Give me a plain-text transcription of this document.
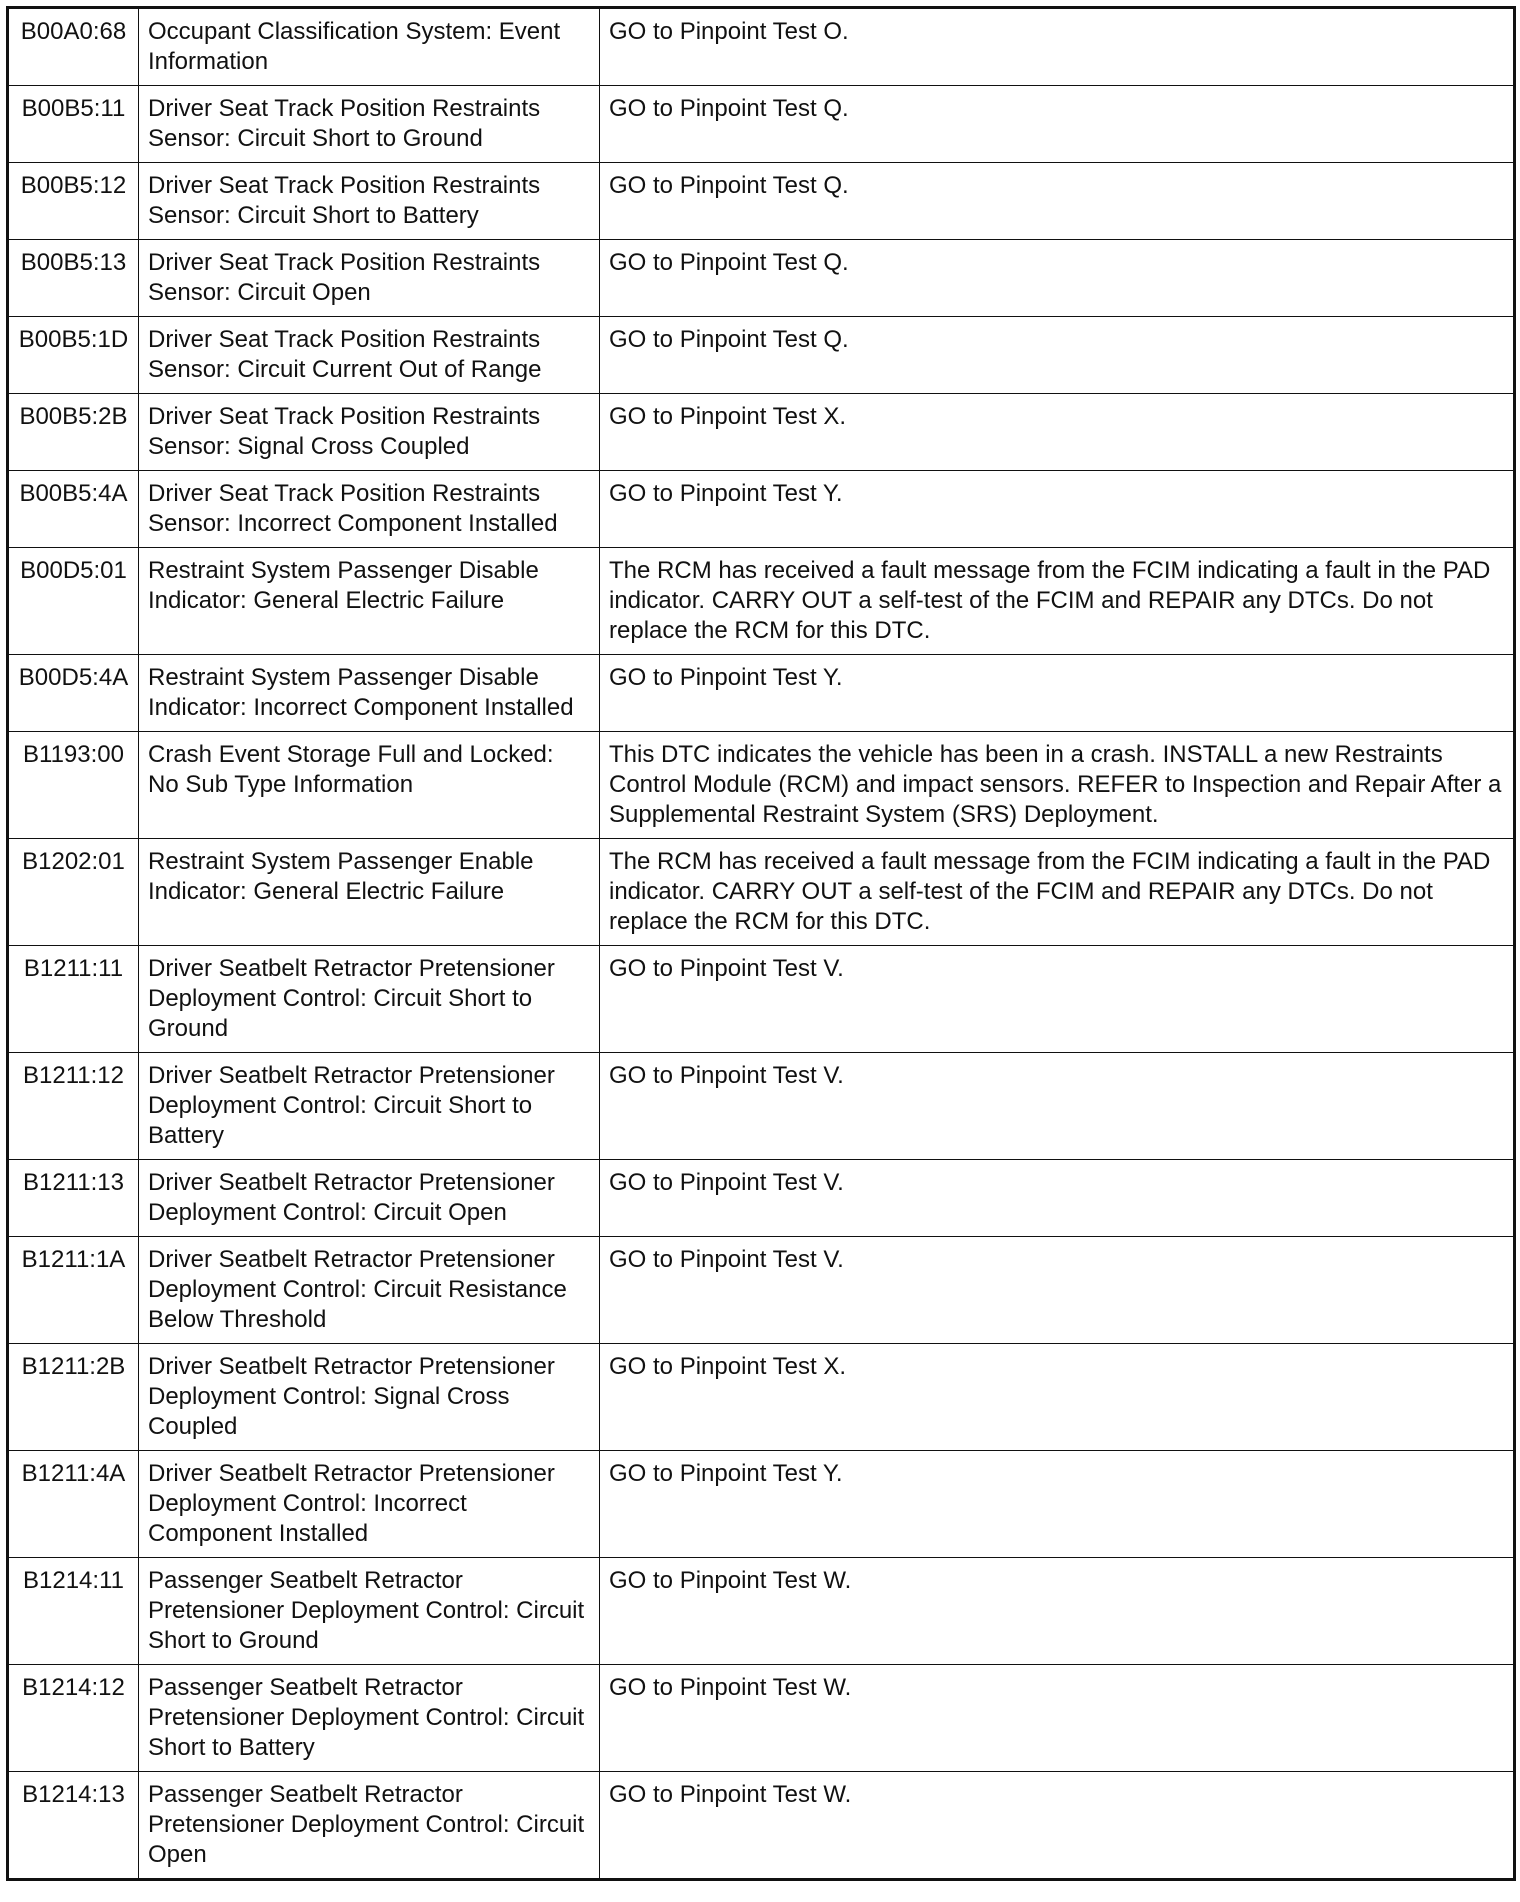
B00A0:68	Occupant Classification System: Event Information	GO to Pinpoint Test O.
B00B5:11	Driver Seat Track Position Restraints Sensor: Circuit Short to Ground	GO to Pinpoint Test Q.
B00B5:12	Driver Seat Track Position Restraints Sensor: Circuit Short to Battery	GO to Pinpoint Test Q.
B00B5:13	Driver Seat Track Position Restraints Sensor: Circuit Open	GO to Pinpoint Test Q.
B00B5:1D	Driver Seat Track Position Restraints Sensor: Circuit Current Out of Range	GO to Pinpoint Test Q.
B00B5:2B	Driver Seat Track Position Restraints Sensor: Signal Cross Coupled	GO to Pinpoint Test X.
B00B5:4A	Driver Seat Track Position Restraints Sensor: Incorrect Component Installed	GO to Pinpoint Test Y.
B00D5:01	Restraint System Passenger Disable Indicator: General Electric Failure	The RCM has received a fault message from the FCIM indicating a fault in the PAD indicator. CARRY OUT a self-test of the FCIM and REPAIR any DTCs. Do not replace the RCM for this DTC.
B00D5:4A	Restraint System Passenger Disable Indicator: Incorrect Component Installed	GO to Pinpoint Test Y.
B1193:00	Crash Event Storage Full and Locked: No Sub Type Information	This DTC indicates the vehicle has been in a crash. INSTALL a new Restraints Control Module (RCM) and impact sensors. REFER to Inspection and Repair After a Supplemental Restraint System (SRS) Deployment.
B1202:01	Restraint System Passenger Enable Indicator: General Electric Failure	The RCM has received a fault message from the FCIM indicating a fault in the PAD indicator. CARRY OUT a self-test of the FCIM and REPAIR any DTCs. Do not replace the RCM for this DTC.
B1211:11	Driver Seatbelt Retractor Pretensioner Deployment Control: Circuit Short to Ground	GO to Pinpoint Test V.
B1211:12	Driver Seatbelt Retractor Pretensioner Deployment Control: Circuit Short to Battery	GO to Pinpoint Test V.
B1211:13	Driver Seatbelt Retractor Pretensioner Deployment Control: Circuit Open	GO to Pinpoint Test V.
B1211:1A	Driver Seatbelt Retractor Pretensioner Deployment Control: Circuit Resistance Below Threshold	GO to Pinpoint Test V.
B1211:2B	Driver Seatbelt Retractor Pretensioner Deployment Control: Signal Cross Coupled	GO to Pinpoint Test X.
B1211:4A	Driver Seatbelt Retractor Pretensioner Deployment Control: Incorrect Component Installed	GO to Pinpoint Test Y.
B1214:11	Passenger Seatbelt Retractor Pretensioner Deployment Control: Circuit Short to Ground	GO to Pinpoint Test W.
B1214:12	Passenger Seatbelt Retractor Pretensioner Deployment Control: Circuit Short to Battery	GO to Pinpoint Test W.
B1214:13	Passenger Seatbelt Retractor Pretensioner Deployment Control: Circuit Open	GO to Pinpoint Test W.
